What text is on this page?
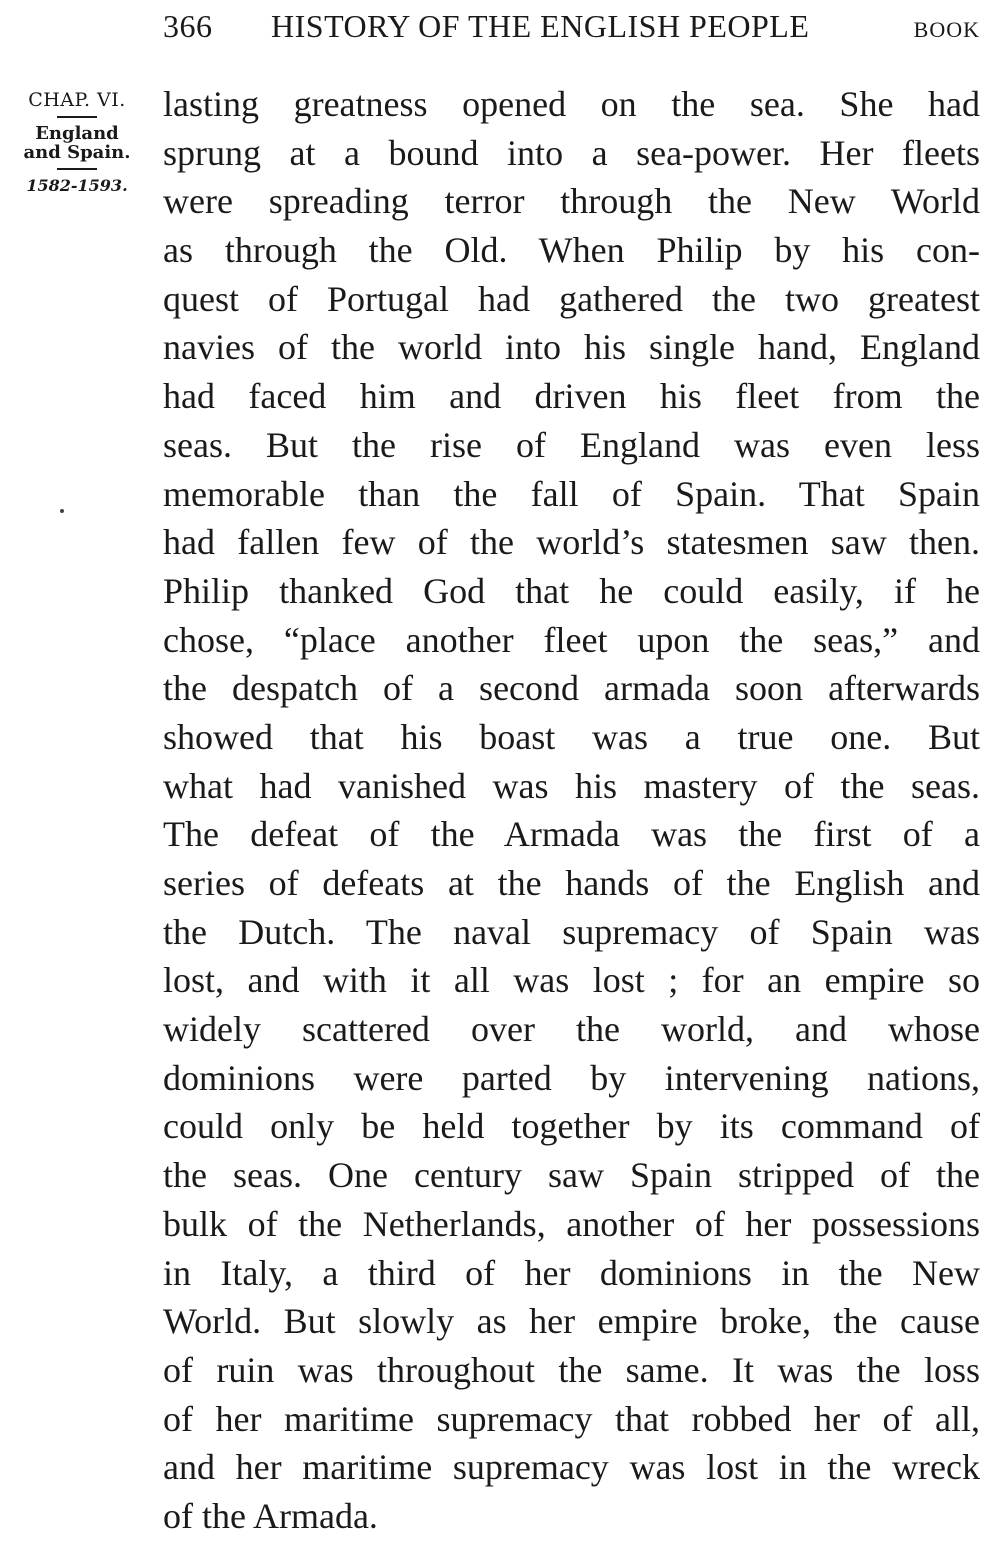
366 HISTORY OF THE ENGLISH PEOPLE	BOOK
CHAP. VI.
England
and Spain.
1582-1593.
lasting greatness opened on the sea. She had
sprung at a bound into a sea-power. Her fleets
were spreading terror through the New World
as through the Old. When Philip by his con-
quest of Portugal had gathered the two greatest
navies of the world into his single hand, England
had faced him and driven his fleet from the
seas. But the rise of England was even less
memorable than the fall of Spain. That Spain
had fallen few of the world’s statesmen saw then.
Philip thanked God that he could easily, if he
chose, “place another fleet upon the seas,” and
the despatch of a second armada soon afterwards
showed that his boast was a true one. But
what had vanished was his mastery of the seas.
The defeat of the Armada was the first of a
series of defeats at the hands of the English and
the Dutch. The naval supremacy of Spain was
lost, and with it all was lost ; for an empire so
widely scattered over the world, and whose
dominions were parted by intervening nations,
could only be held together by its command of
the seas. One century saw Spain stripped of the
bulk of the Netherlands, another of her possessions
in Italy, a third of her dominions in the New
World. But slowly as her empire broke, the cause
of ruin was throughout the same. It was the loss
of her maritime supremacy that robbed her of all,
and her maritime supremacy was lost in the wreck
of the Armada.
